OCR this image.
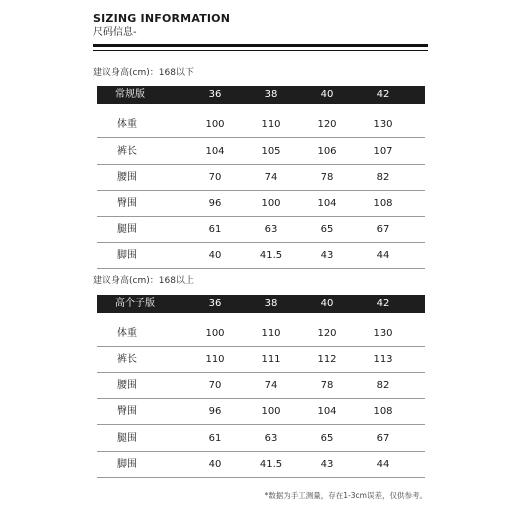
SIZING INFORMATION
尺码信息-
建议身高(cm)：168以下
常规版	36	38	40	42
体重	100	110	120	130
裤长	104	105	106	107
腰围	70	74	78	82
臀围	96	100	104	108
腿围	61	63	65	67
脚围	40	41.5	43	44
建议身高(cm)：168以上
高个子版	36	38	40	42
体重	100	110	120	130
裤长	110	111	112	113
腰围	70	74	78	82
臀围	96	100	104	108
腿围	61	63	65	67
脚围	40	41.5	43	44
*数据为手工测量，存在1-3cm误差，仅供参考。
